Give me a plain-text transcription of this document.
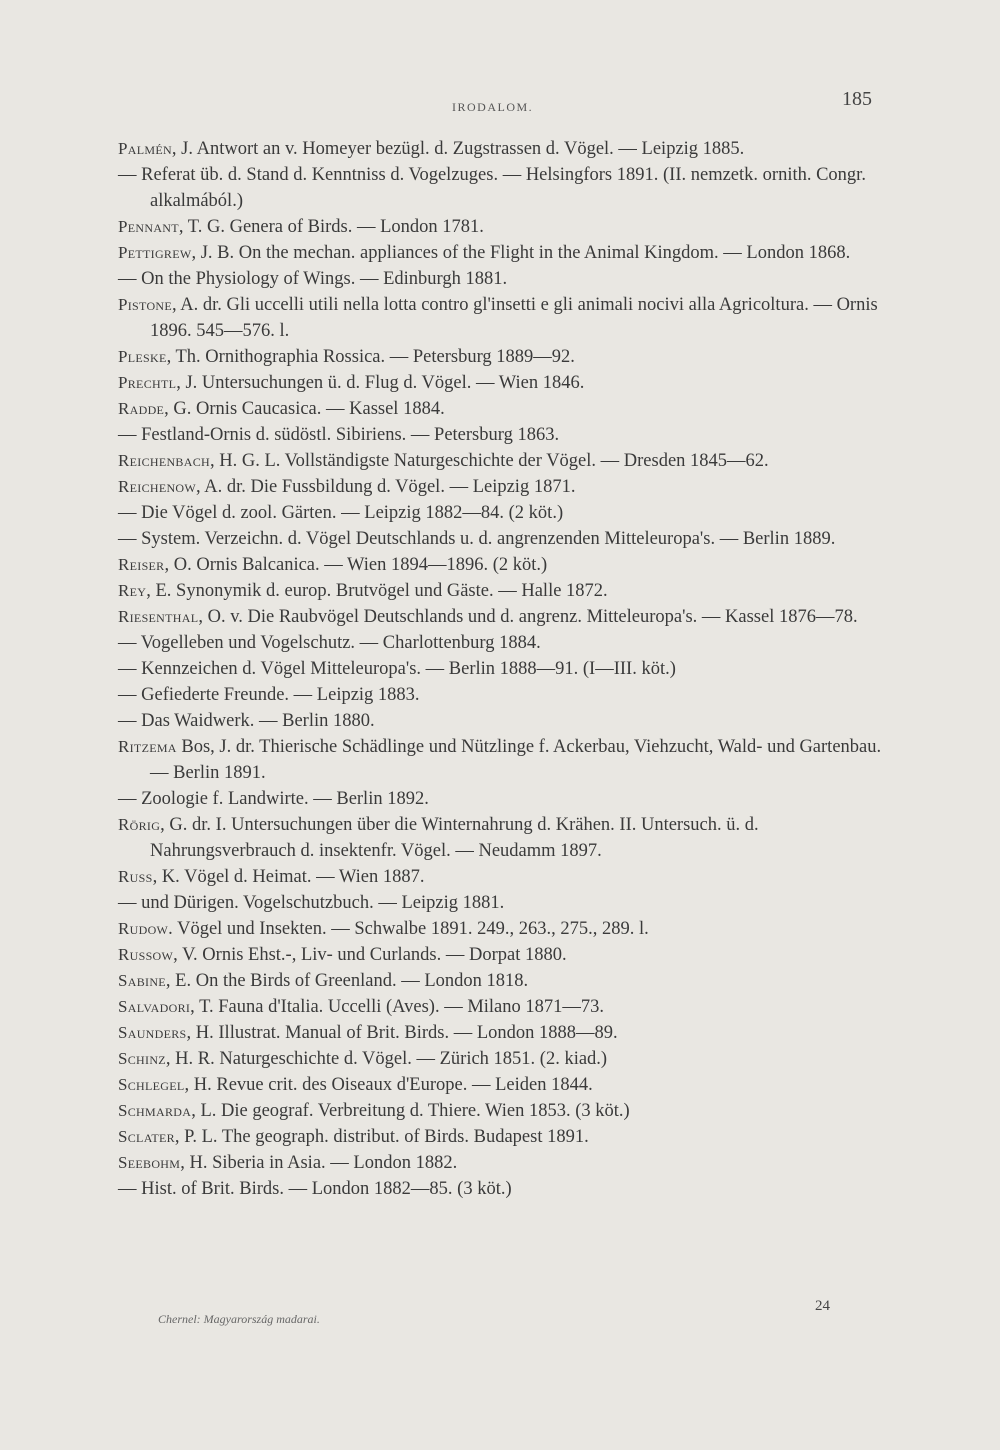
IRODALOM.	185
Palmén, J. Antwort an v. Homeyer bezügl. d. Zugstrassen d. Vögel. — Leipzig 1885.
— Referat üb. d. Stand d. Kenntniss d. Vogelzuges. — Helsingfors 1891. (II. nemzetk. ornith. Congr. alkalmából.)
Pennant, T. G. Genera of Birds. — London 1781.
Pettigrew, J. B. On the mechan. appliances of the Flight in the Animal Kingdom. — London 1868.
— On the Physiology of Wings. — Edinburgh 1881.
Pistone, A. dr. Gli uccelli utili nella lotta contro gl'insetti e gli animali nocivi alla Agricoltura. — Ornis 1896. 545—576. l.
Pleske, Th. Ornithographia Rossica. — Petersburg 1889—92.
Prechtl, J. Untersuchungen ü. d. Flug d. Vögel. — Wien 1846.
Radde, G. Ornis Caucasica. — Kassel 1884.
— Festland-Ornis d. südöstl. Sibiriens. — Petersburg 1863.
Reichenbach, H. G. L. Vollständigste Naturgeschichte der Vögel. — Dresden 1845—62.
Reichenow, A. dr. Die Fussbildung d. Vögel. — Leipzig 1871.
— Die Vögel d. zool. Gärten. — Leipzig 1882—84. (2 köt.)
— System. Verzeichn. d. Vögel Deutschlands u. d. angrenzenden Mitteleuropa's. — Berlin 1889.
Reiser, O. Ornis Balcanica. — Wien 1894—1896. (2 köt.)
Rey, E. Synonymik d. europ. Brutvögel und Gäste. — Halle 1872.
Riesenthal, O. v. Die Raubvögel Deutschlands und d. angrenz. Mitteleuropa's. — Kassel 1876—78.
— Vogelleben und Vogelschutz. — Charlottenburg 1884.
— Kennzeichen d. Vögel Mitteleuropa's. — Berlin 1888—91. (I—III. köt.)
— Gefiederte Freunde. — Leipzig 1883.
— Das Waidwerk. — Berlin 1880.
Ritzema Bos, J. dr. Thierische Schädlinge und Nützlinge f. Ackerbau, Viehzucht, Wald- und Gartenbau. — Berlin 1891.
— Zoologie f. Landwirte. — Berlin 1892.
Rörig, G. dr. I. Untersuchungen über die Winternahrung d. Krähen. II. Untersuch. ü. d. Nahrungsverbrauch d. insektenfr. Vögel. — Neudamm 1897.
Russ, K. Vögel d. Heimat. — Wien 1887.
— und Dürigen. Vogelschutzbuch. — Leipzig 1881.
Rudow. Vögel und Insekten. — Schwalbe 1891. 249., 263., 275., 289. l.
Russow, V. Ornis Ehst.-, Liv- und Curlands. — Dorpat 1880.
Sabine, E. On the Birds of Greenland. — London 1818.
Salvadori, T. Fauna d'Italia. Uccelli (Aves). — Milano 1871—73.
Saunders, H. Illustrat. Manual of Brit. Birds. — London 1888—89.
Schinz, H. R. Naturgeschichte d. Vögel. — Zürich 1851. (2. kiad.)
Schlegel, H. Revue crit. des Oiseaux d'Europe. — Leiden 1844.
Schmarda, L. Die geograf. Verbreitung d. Thiere. Wien 1853. (3 köt.)
Sclater, P. L. The geograph. distribut. of Birds. Budapest 1891.
Seebohm, H. Siberia in Asia. — London 1882.
— Hist. of Brit. Birds. — London 1882—85. (3 köt.)
Chernel: Magyarország madarai.
24
